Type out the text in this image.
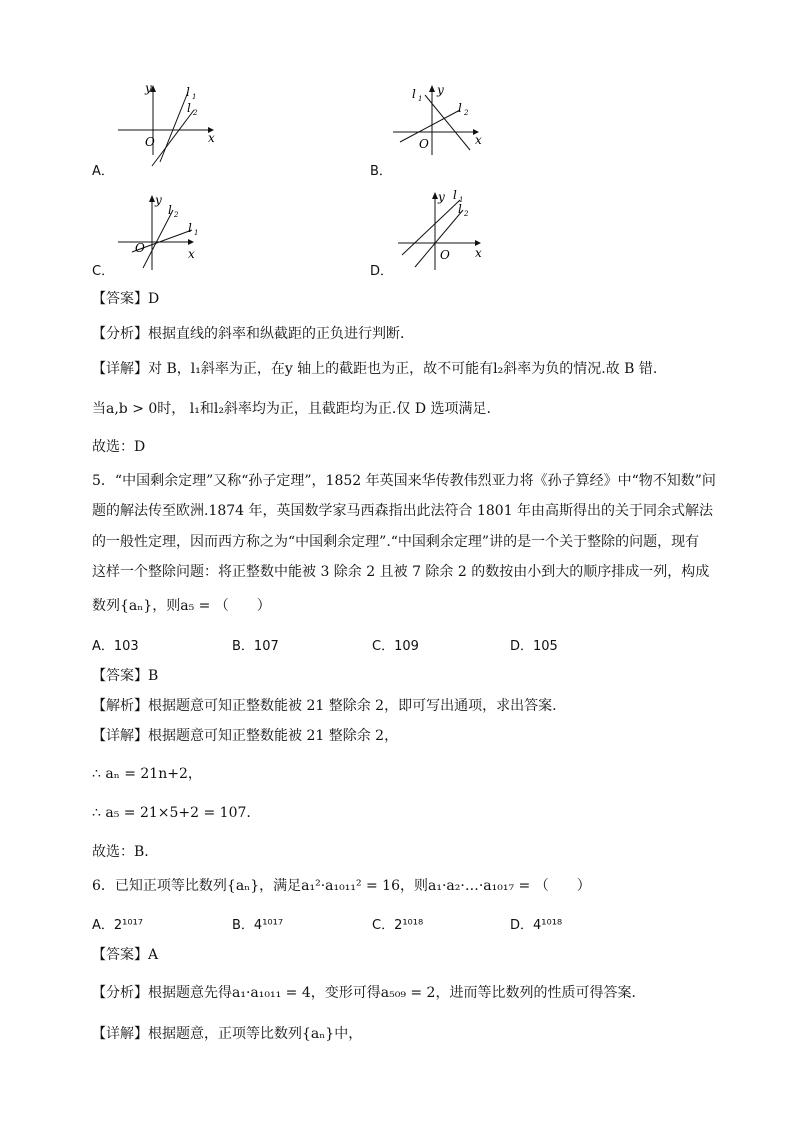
y
x
O
l 1
l 2
A．
y
x
O
l 1
l 2
B．
y
x
O
l 1
l 2
C．
y
x
O
l 1
l 2
D．
【答案】D
【分析】根据直线的斜率和纵截距的正负进行判断．
【详解】对 B，l₁斜率为正，在y 轴上的截距也为正，故不可能有l₂斜率为负的情况.故 B 错.
当a,b > 0时， l₁和l₂斜率均为正，且截距均为正.仅 D 选项满足.
故选：D
5．“中国剩余定理”又称“孙子定理”，1852 年英国来华传教伟烈亚力将《孙子算经》中“物不知数”问
题的解法传至欧洲.1874 年，英国数学家马西森指出此法符合 1801 年由高斯得出的关于同余式解法
的一般性定理，因而西方称之为“中国剩余定理”.“中国剩余定理”讲的是一个关于整除的问题，现有
这样一个整除问题：将正整数中能被 3 除余 2 且被 7 除余 2 的数按由小到大的顺序排成一列，构成
数列{aₙ}，则a₅ = （　　）
A．103	B．107	C．109	D．105
【答案】B
【解析】根据题意可知正整数能被 21 整除余 2，即可写出通项，求出答案.
【详解】根据题意可知正整数能被 21 整除余 2，
∴ aₙ = 21n+2，
∴ a₅ = 21×5+2 = 107.
故选：B.
6．已知正项等比数列{aₙ}，满足a₁²·a₁₀₁₁² = 16，则a₁·a₂·…·a₁₀₁₇ = （　　）
A．2¹⁰¹⁷	B．4¹⁰¹⁷	C．2¹⁰¹⁸	D．4¹⁰¹⁸
【答案】A
【分析】根据题意先得a₁·a₁₀₁₁ = 4，变形可得a₅₀₉ = 2，进而等比数列的性质可得答案．
【详解】根据题意，正项等比数列{aₙ}中，
